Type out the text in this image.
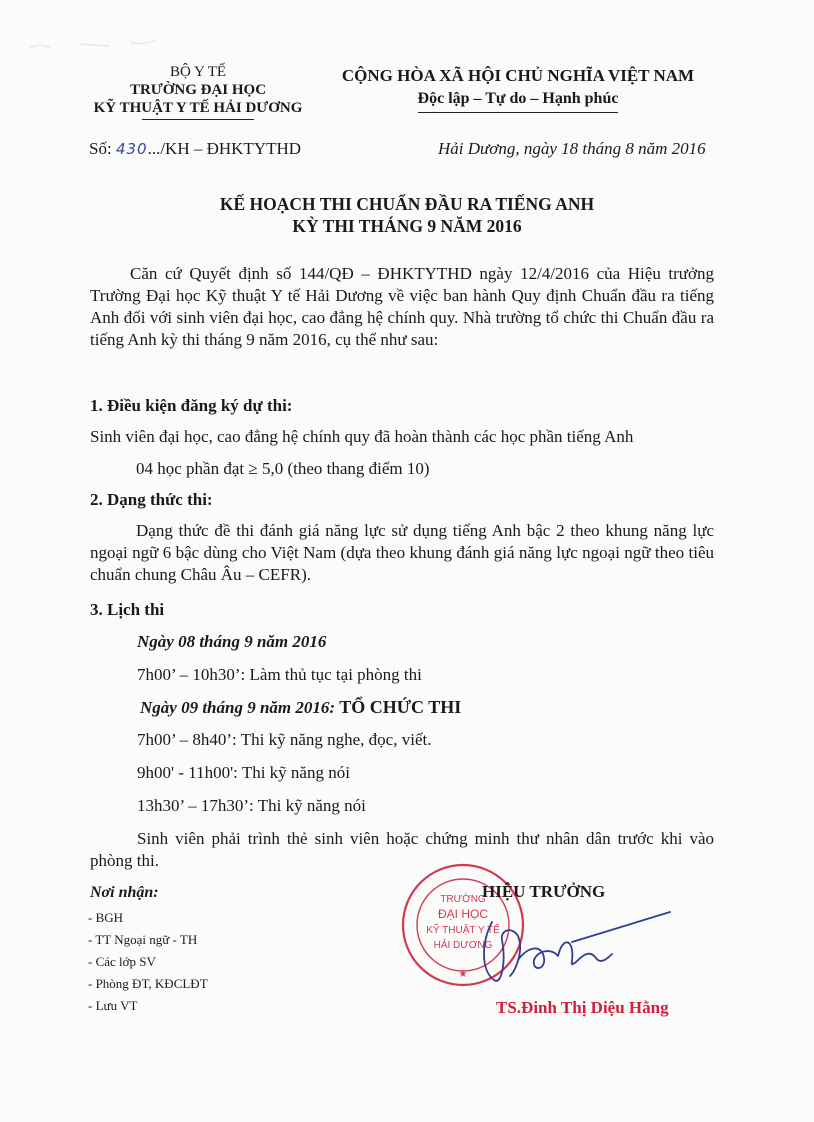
BỘ Y TẾ
TRƯỜNG ĐẠI HỌC
KỸ THUẬT Y TẾ HẢI DƯƠNG
CỘNG HÒA XÃ HỘI CHỦ NGHĨA VIỆT NAM
Độc lập – Tự do – Hạnh phúc
Số: 430.../KH – ĐHKTYTHD	Hải Dương, ngày 18 tháng 8 năm 2016
KẾ HOẠCH THI CHUẨN ĐẦU RA TIẾNG ANH
KỲ THI THÁNG 9 NĂM 2016
Căn cứ Quyết định số 144/QĐ – ĐHKTYTHD ngày 12/4/2016 của Hiệu trưởng Trường Đại học Kỹ thuật Y tế Hải Dương về việc ban hành Quy định Chuẩn đầu ra tiếng Anh đối với sinh viên đại học, cao đẳng hệ chính quy. Nhà trường tổ chức thi Chuẩn đầu ra tiếng Anh kỳ thi tháng 9 năm 2016, cụ thể như sau:
1. Điều kiện đăng ký dự thi:
Sinh viên đại học, cao đẳng hệ chính quy đã hoàn thành các học phần tiếng Anh
04 học phần đạt ≥ 5,0 (theo thang điểm 10)
2. Dạng thức thi:
Dạng thức đề thi đánh giá năng lực sử dụng tiếng Anh bậc 2 theo khung năng lực ngoại ngữ 6 bậc dùng cho Việt Nam (dựa theo khung đánh giá năng lực ngoại ngữ theo tiêu chuẩn chung Châu Âu – CEFR).
3. Lịch thi
Ngày 08 tháng 9 năm 2016
7h00’ – 10h30’: Làm thủ tục tại phòng thi
Ngày 09 tháng 9 năm 2016: TỔ CHỨC THI
7h00’ – 8h40’: Thi kỹ năng nghe, đọc, viết.
9h00' - 11h00': Thi kỹ năng nói
13h30’ – 17h30’: Thi kỹ năng nói
Sinh viên phải trình thẻ sinh viên hoặc chứng minh thư nhân dân trước khi vào phòng thi.
Nơi nhận:
- BGH
- TT Ngoại ngữ - TH
- Các lớp SV
- Phòng ĐT, KĐCLĐT
- Lưu VT
TRƯỜNG
ĐẠI HỌC
KỸ THUẬT Y TẾ
HẢI DƯƠNG
★
HIỆU TRƯỞNG
TS.Đinh Thị Diệu Hằng
